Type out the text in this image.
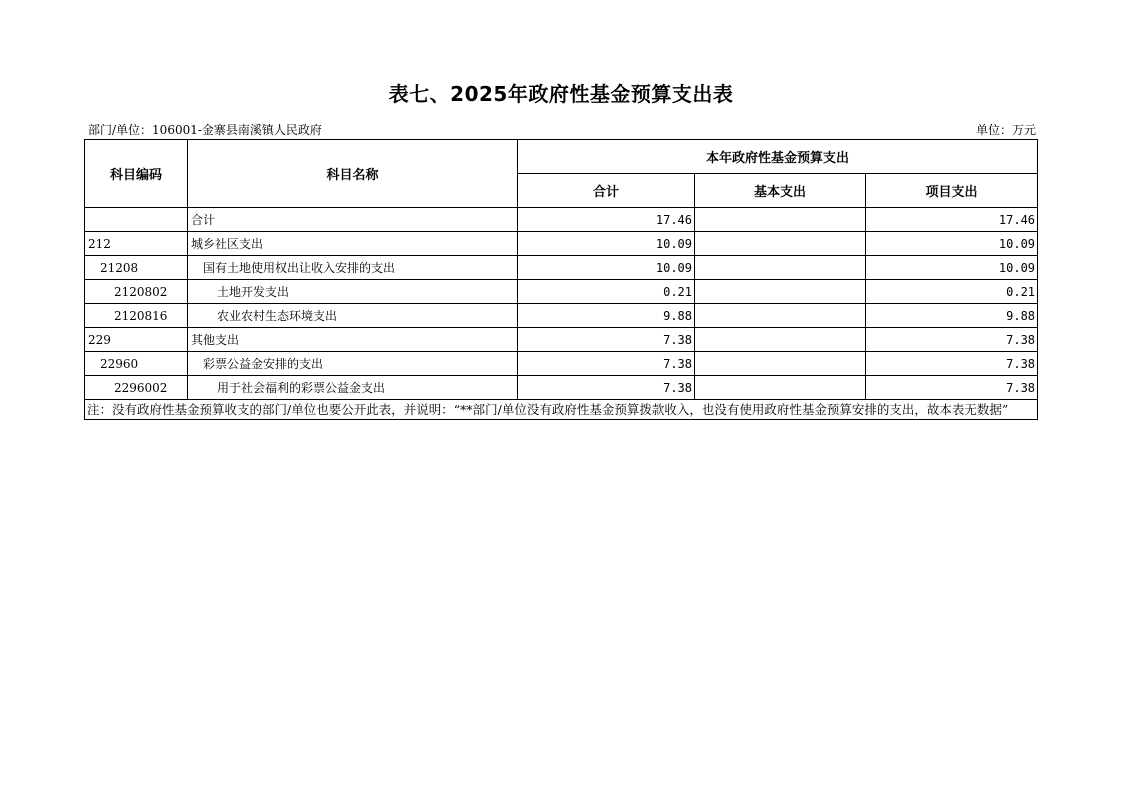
表七、2025年政府性基金预算支出表
部门/单位：106001-金寨县南溪镇人民政府	单位：万元
科目编码	科目名称	本年政府性基金预算支出		
		合计	基本支出	项目支出
	合计	17.46		17.46
212	城乡社区支出	10.09		10.09
21208	国有土地使用权出让收入安排的支出	10.09		10.09
2120802	土地开发支出	0.21		0.21
2120816	农业农村生态环境支出	9.88		9.88
229	其他支出	7.38		7.38
22960	彩票公益金安排的支出	7.38		7.38
2296002	用于社会福利的彩票公益金支出	7.38		7.38
注：没有政府性基金预算收支的部门/单位也要公开此表，并说明：“**部门/单位没有政府性基金预算拨款收入，也没有使用政府性基金预算安排的支出，故本表无数据”				
